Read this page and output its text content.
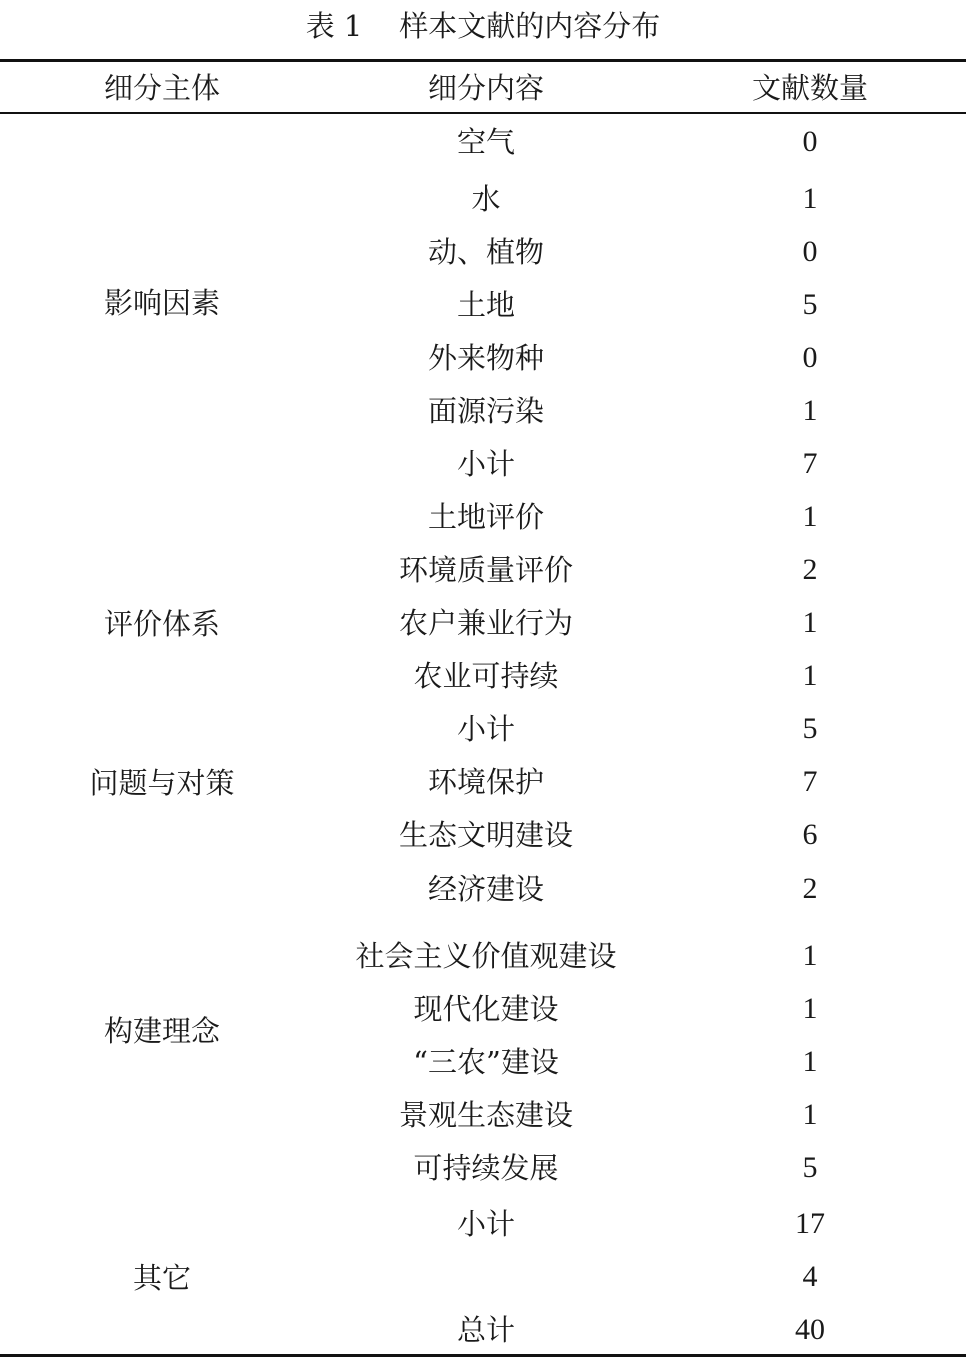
表 1    样本文献的内容分布
细分主体	细分内容	文献数量
影响因素
评价体系
问题与对策
构建理念
其它
空气
水
动、植物
土地
外来物种
面源污染
小计
土地评价
环境质量评价
农户兼业行为
农业可持续
小计
环境保护
生态文明建设
经济建设
社会主义价值观建设
现代化建设
“三农”建设
景观生态建设
可持续发展
小计
总计
0
1
0
5
0
1
7
1
2
1
1
5
7
6
2
1
1
1
1
5
17
4
40
